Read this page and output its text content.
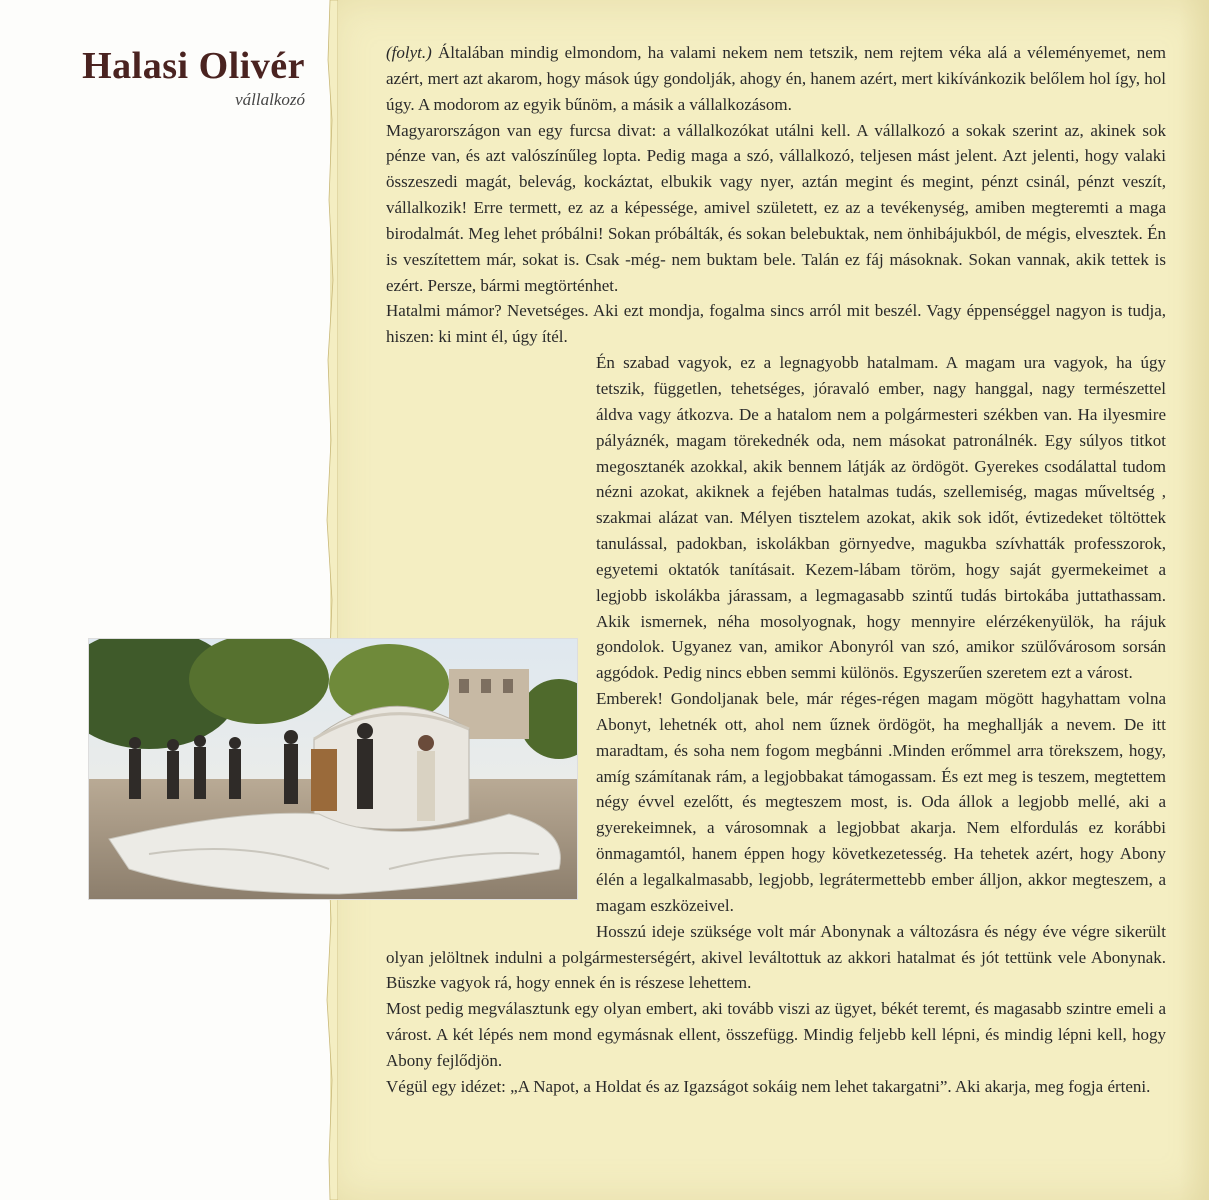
Halasi Olivér
vállalkozó

(folyt.) Általában mindig elmondom, ha valami nekem nem tetszik, nem rejtem véka alá a véleményemet, nem azért, mert azt akarom, hogy mások úgy gondolják, ahogy én, hanem azért, mert kikívánkozik belőlem hol így, hol úgy. A modorom az egyik bűnöm, a másik a vállalkozásom.

Magyarországon van egy furcsa divat: a vállalkozókat utálni kell. A vállalkozó a sokak szerint az, akinek sok pénze van, és azt valószínűleg lopta. Pedig maga a szó, vállalkozó, teljesen mást jelent. Azt jelenti, hogy valaki összeszedi magát, belevág, kockáztat, elbukik vagy nyer, aztán megint és megint, pénzt csinál, pénzt veszít, vállalkozik! Erre termett, ez az a képessége, amivel született, ez az a tevékenység, amiben megteremti a maga birodalmát. Meg lehet próbálni! Sokan próbálták, és sokan belebuktak, nem önhibájukból, de mégis, elvesztek. Én is veszítettem már, sokat is. Csak -még- nem buktam bele. Talán ez fáj másoknak. Sokan vannak, akik tettek is ezért. Persze, bármi megtörténhet.

Hatalmi mámor? Nevetséges. Aki ezt mondja, fogalma sincs arról mit beszél. Vagy éppenséggel nagyon is tudja, hiszen: ki mint él, úgy ítél.

Én szabad vagyok, ez a legnagyobb hatalmam. A magam ura vagyok, ha úgy tetszik, független, tehetséges, jóravaló ember, nagy hanggal, nagy természettel áldva vagy átkozva. De a hatalom nem a polgármesteri székben van. Ha ilyesmire pályáznék, magam törekednék oda, nem másokat patronálnék. Egy súlyos titkot megosztanék azokkal, akik bennem látják az ördögöt. Gyerekes csodálattal tudom nézni azokat, akiknek a fejében hatalmas tudás, szellemiség, magas műveltség , szakmai alázat van. Mélyen tisztelem azokat, akik sok időt, évtizedeket töltöttek tanulással, padokban, iskolákban görnyedve, magukba szívhatták professzorok, egyetemi oktatók tanításait. Kezem-lábam töröm, hogy saját gyermekeimet a legjobb iskolákba járassam, a legmagasabb szintű tudás birtokába juttathassam. Akik ismernek, néha mosolyognak, hogy mennyire elérzékenyülök, ha rájuk gondolok. Ugyanez van, amikor Abonyról van szó, amikor szülővárosom sorsán aggódok. Pedig nincs ebben semmi különös. Egyszerűen szeretem ezt a várost.

Emberek! Gondoljanak bele, már réges-régen magam mögött hagyhattam volna Abonyt, lehetnék ott, ahol nem űznek ördögöt, ha meghallják a nevem. De itt maradtam, és soha nem fogom megbánni .Minden erőmmel arra törekszem, hogy, amíg számítanak rám, a legjobbakat támogassam. És ezt meg is teszem, megtettem négy évvel ezelőtt, és megteszem most, is. Oda állok a legjobb mellé, aki a gyerekeimnek, a városomnak a legjobbat akarja. Nem elfordulás ez korábbi önmagamtól, hanem éppen hogy következetesség. Ha tehetek azért, hogy Abony élén a legalkalmasabb, legjobb, legrátermettebb ember álljon, akkor megteszem, a magam eszközeivel.

Hosszú ideje szüksége volt már Abonynak a változásra és négy éve végre sikerült olyan jelöltnek indulni a polgármesterségért, akivel leváltottuk az akkori hatalmat és jót tettünk vele Abonynak. Büszke vagyok rá, hogy ennek én is részese lehettem.

Most pedig megválasztunk egy olyan embert, aki tovább viszi az ügyet, békét teremt, és magasabb szintre emeli a várost. A két lépés nem mond egymásnak ellent, összefügg. Mindig feljebb kell lépni, és mindig lépni kell, hogy Abony fejlődjön.

Végül egy idézet: „A Napot, a Holdat és az Igazságot sokáig nem lehet takargatni”. Aki akarja, meg fogja érteni.
